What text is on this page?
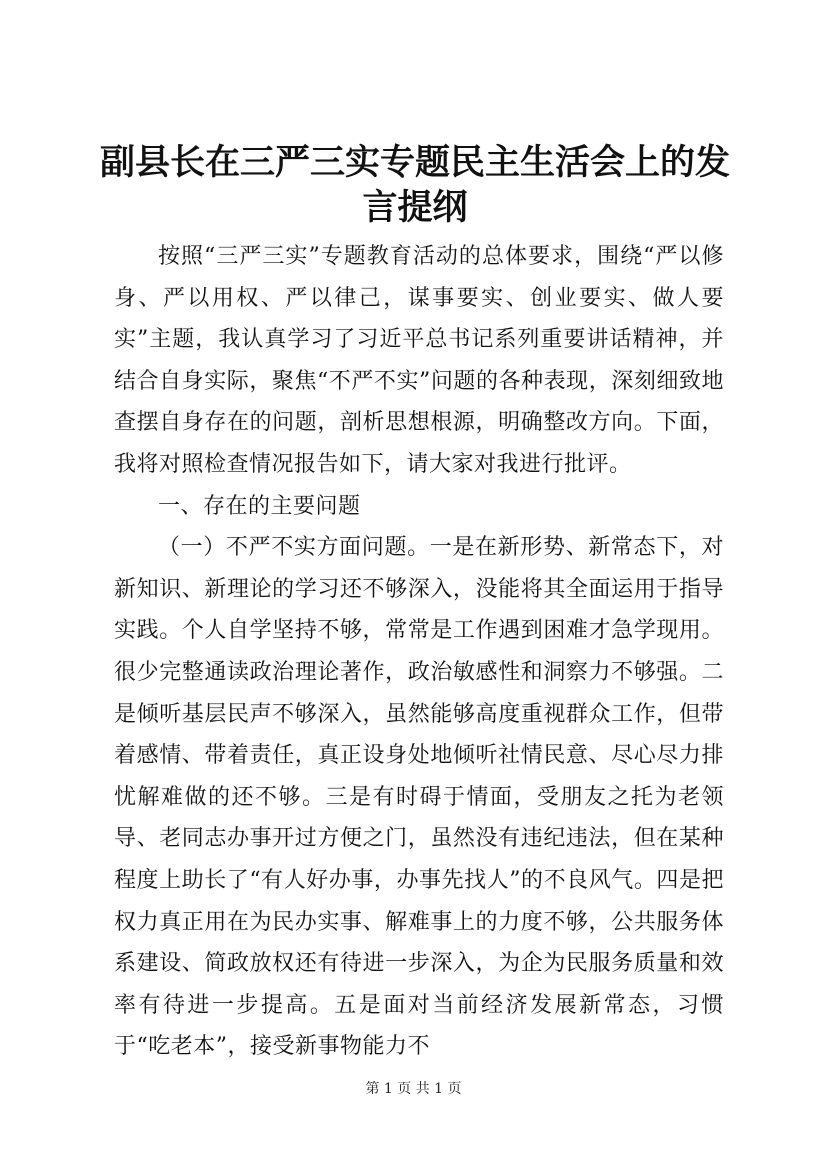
副县长在三严三实专题民主生活会上的发言提纲

按照“三严三实”专题教育活动的总体要求，围绕“严以修身、严以用权、严以律己，谋事要实、创业要实、做人要实”主题，我认真学习了习近平总书记系列重要讲话精神，并结合自身实际，聚焦“不严不实”问题的各种表现，深刻细致地查摆自身存在的问题，剖析思想根源，明确整改方向。下面，我将对照检查情况报告如下，请大家对我进行批评。

一、存在的主要问题

（一）不严不实方面问题。一是在新形势、新常态下，对新知识、新理论的学习还不够深入，没能将其全面运用于指导实践。个人自学坚持不够，常常是工作遇到困难才急学现用。很少完整通读政治理论著作，政治敏感性和洞察力不够强。二是倾听基层民声不够深入，虽然能够高度重视群众工作，但带着感情、带着责任，真正设身处地倾听社情民意、尽心尽力排忧解难做的还不够。三是有时碍于情面，受朋友之托为老领导、老同志办事开过方便之门，虽然没有违纪违法，但在某种程度上助长了“有人好办事，办事先找人”的不良风气。四是把权力真正用在为民办实事、解难事上的力度不够，公共服务体系建设、简政放权还有待进一步深入，为企为民服务质量和效率有待进一步提高。五是面对当前经济发展新常态，习惯于“吃老本”，接受新事物能力不

第 1 页 共 1 页
